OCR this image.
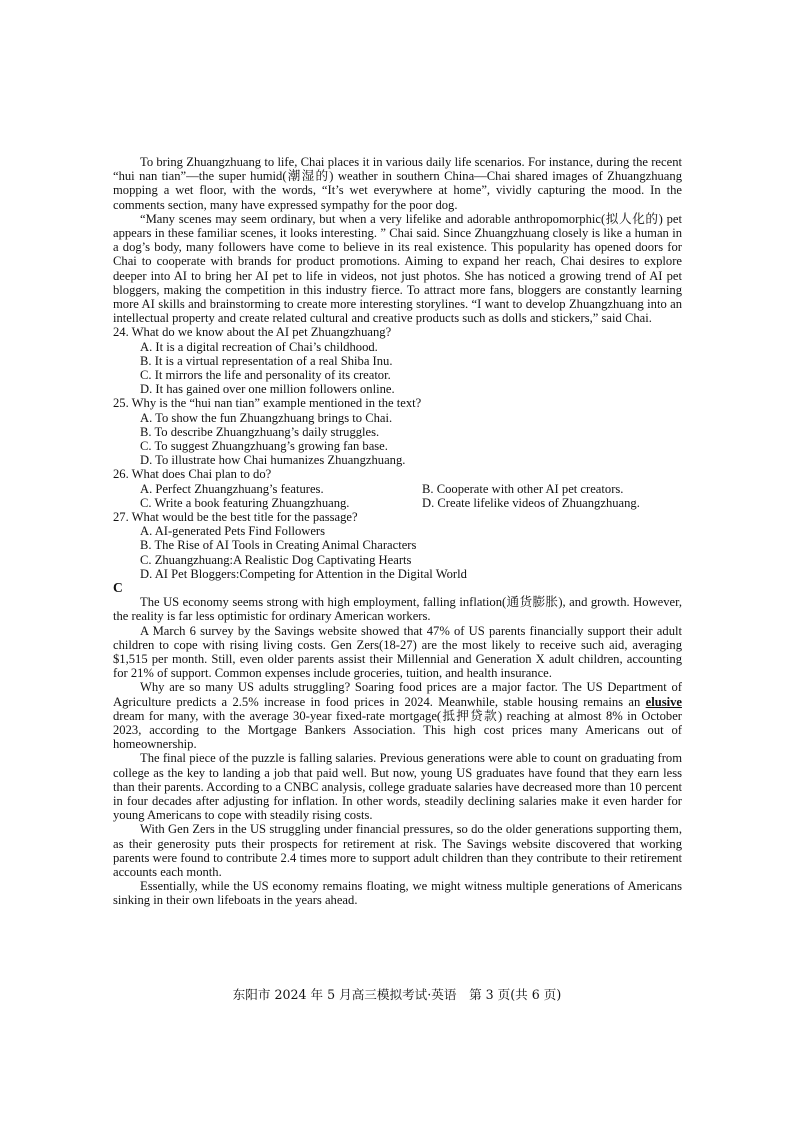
To bring Zhuangzhuang to life, Chai places it in various daily life scenarios. For instance, during the recent “hui nan tian”—the super humid(潮湿的) weather in southern China—Chai shared images of Zhuangzhuang mopping a wet floor, with the words, “It’s wet everywhere at home”, vividly capturing the mood. In the comments section, many have expressed sympathy for the poor dog.

“Many scenes may seem ordinary, but when a very lifelike and adorable anthropomorphic(拟人化的) pet appears in these familiar scenes, it looks interesting. ” Chai said. Since Zhuangzhuang closely is like a human in a dog’s body, many followers have come to believe in its real existence. This popularity has opened doors for Chai to cooperate with brands for product promotions. Aiming to expand her reach, Chai desires to explore deeper into AI to bring her AI pet to life in videos, not just photos. She has noticed a growing trend of AI pet bloggers, making the competition in this industry fierce. To attract more fans, bloggers are constantly learning more AI skills and brainstorming to create more interesting storylines. “I want to develop Zhuangzhuang into an intellectual property and create related cultural and creative products such as dolls and stickers,” said Chai.

24. What do we know about the AI pet Zhuangzhuang?

A. It is a digital recreation of Chai’s childhood.

B. It is a virtual representation of a real Shiba Inu.

C. It mirrors the life and personality of its creator.

D. It has gained over one million followers online.

25. Why is the “hui nan tian” example mentioned in the text?

A. To show the fun Zhuangzhuang brings to Chai.

B. To describe Zhuangzhuang’s daily struggles.

C. To suggest Zhuangzhuang’s growing fan base.

D. To illustrate how Chai humanizes Zhuangzhuang.

26. What does Chai plan to do?

A. Perfect Zhuangzhuang’s features.	B. Cooperate with other AI pet creators.
C. Write a book featuring Zhuangzhuang.	D. Create lifelike videos of Zhuangzhuang.

27. What would be the best title for the passage?

A. AI-generated Pets Find Followers

B. The Rise of AI Tools in Creating Animal Characters

C. Zhuangzhuang:A Realistic Dog Captivating Hearts

D. AI Pet Bloggers:Competing for Attention in the Digital World

C

The US economy seems strong with high employment, falling inflation(通货膨胀), and growth. However, the reality is far less optimistic for ordinary American workers.

A March 6 survey by the Savings website showed that 47% of US parents financially support their adult children to cope with rising living costs. Gen Zers(18-27) are the most likely to receive such aid, averaging $1,515 per month. Still, even older parents assist their Millennial and Generation X adult children, accounting for 21% of support. Common expenses include groceries, tuition, and health insurance.

Why are so many US adults struggling? Soaring food prices are a major factor. The US Department of Agriculture predicts a 2.5% increase in food prices in 2024. Meanwhile, stable housing remains an elusive dream for many, with the average 30-year fixed-rate mortgage(抵押贷款) reaching at almost 8% in October 2023, according to the Mortgage Bankers Association. This high cost prices many Americans out of homeownership.

The final piece of the puzzle is falling salaries. Previous generations were able to count on graduating from college as the key to landing a job that paid well. But now, young US graduates have found that they earn less than their parents. According to a CNBC analysis, college graduate salaries have decreased more than 10 percent in four decades after adjusting for inflation. In other words, steadily declining salaries make it even harder for young Americans to cope with steadily rising costs.

With Gen Zers in the US struggling under financial pressures, so do the older generations supporting them, as their generosity puts their prospects for retirement at risk. The Savings website discovered that working parents were found to contribute 2.4 times more to support adult children than they contribute to their retirement accounts each month.

Essentially, while the US economy remains floating, we might witness multiple generations of Americans sinking in their own lifeboats in the years ahead.

东阳市 2024 年 5 月高三模拟考试·英语　第 3 页(共 6 页)
